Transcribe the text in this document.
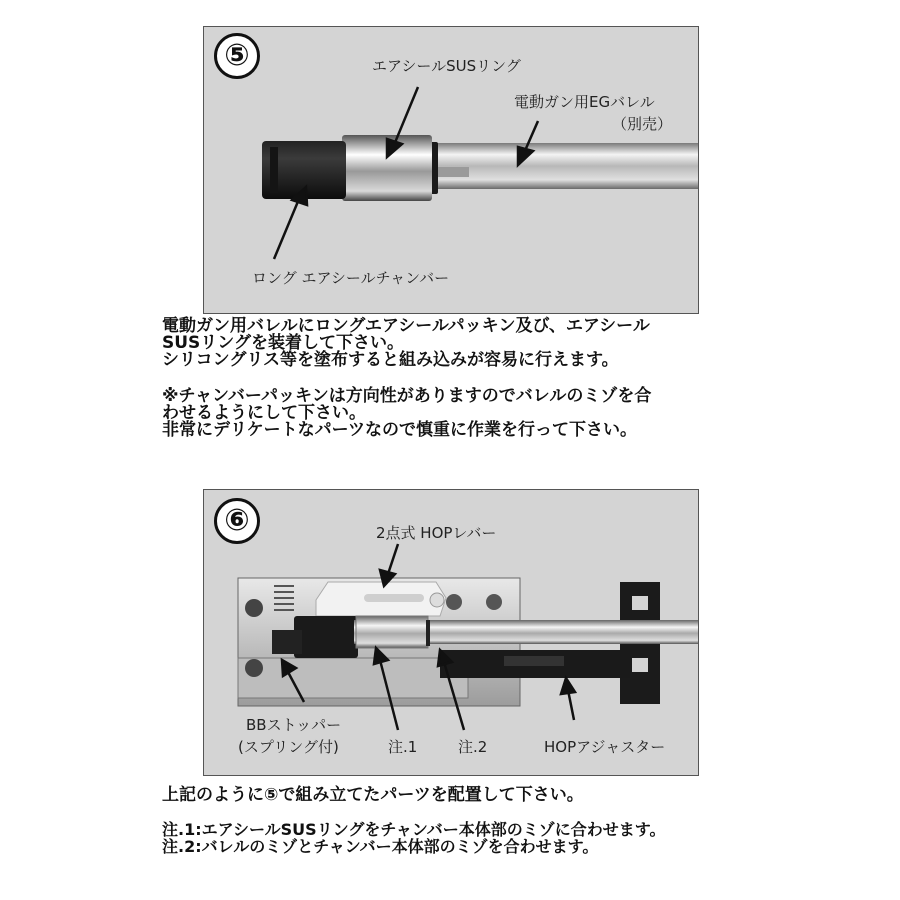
⑤	エアシールSUSリング
電動ガン用EGバレル
（別売）
ロング エアシールチャンバー
電動ガン用バレルにロングエアシールパッキン及び、エアシール
SUSリングを装着して下さい。
シリコングリス等を塗布すると組み込みが容易に行えます。
※チャンバーパッキンは方向性がありますのでバレルのミゾを合
わせるようにして下さい。
非常にデリケートなパーツなので慎重に作業を行って下さい。
⑥	2点式 HOPレバー
BBストッパー
(スプリング付)	注.1	注.2	HOPアジャスター
上記のように⑤で組み立てたパーツを配置して下さい。
注.1:エアシールSUSリングをチャンバー本体部のミゾに合わせます。
注.2:バレルのミゾとチャンバー本体部のミゾを合わせます。
